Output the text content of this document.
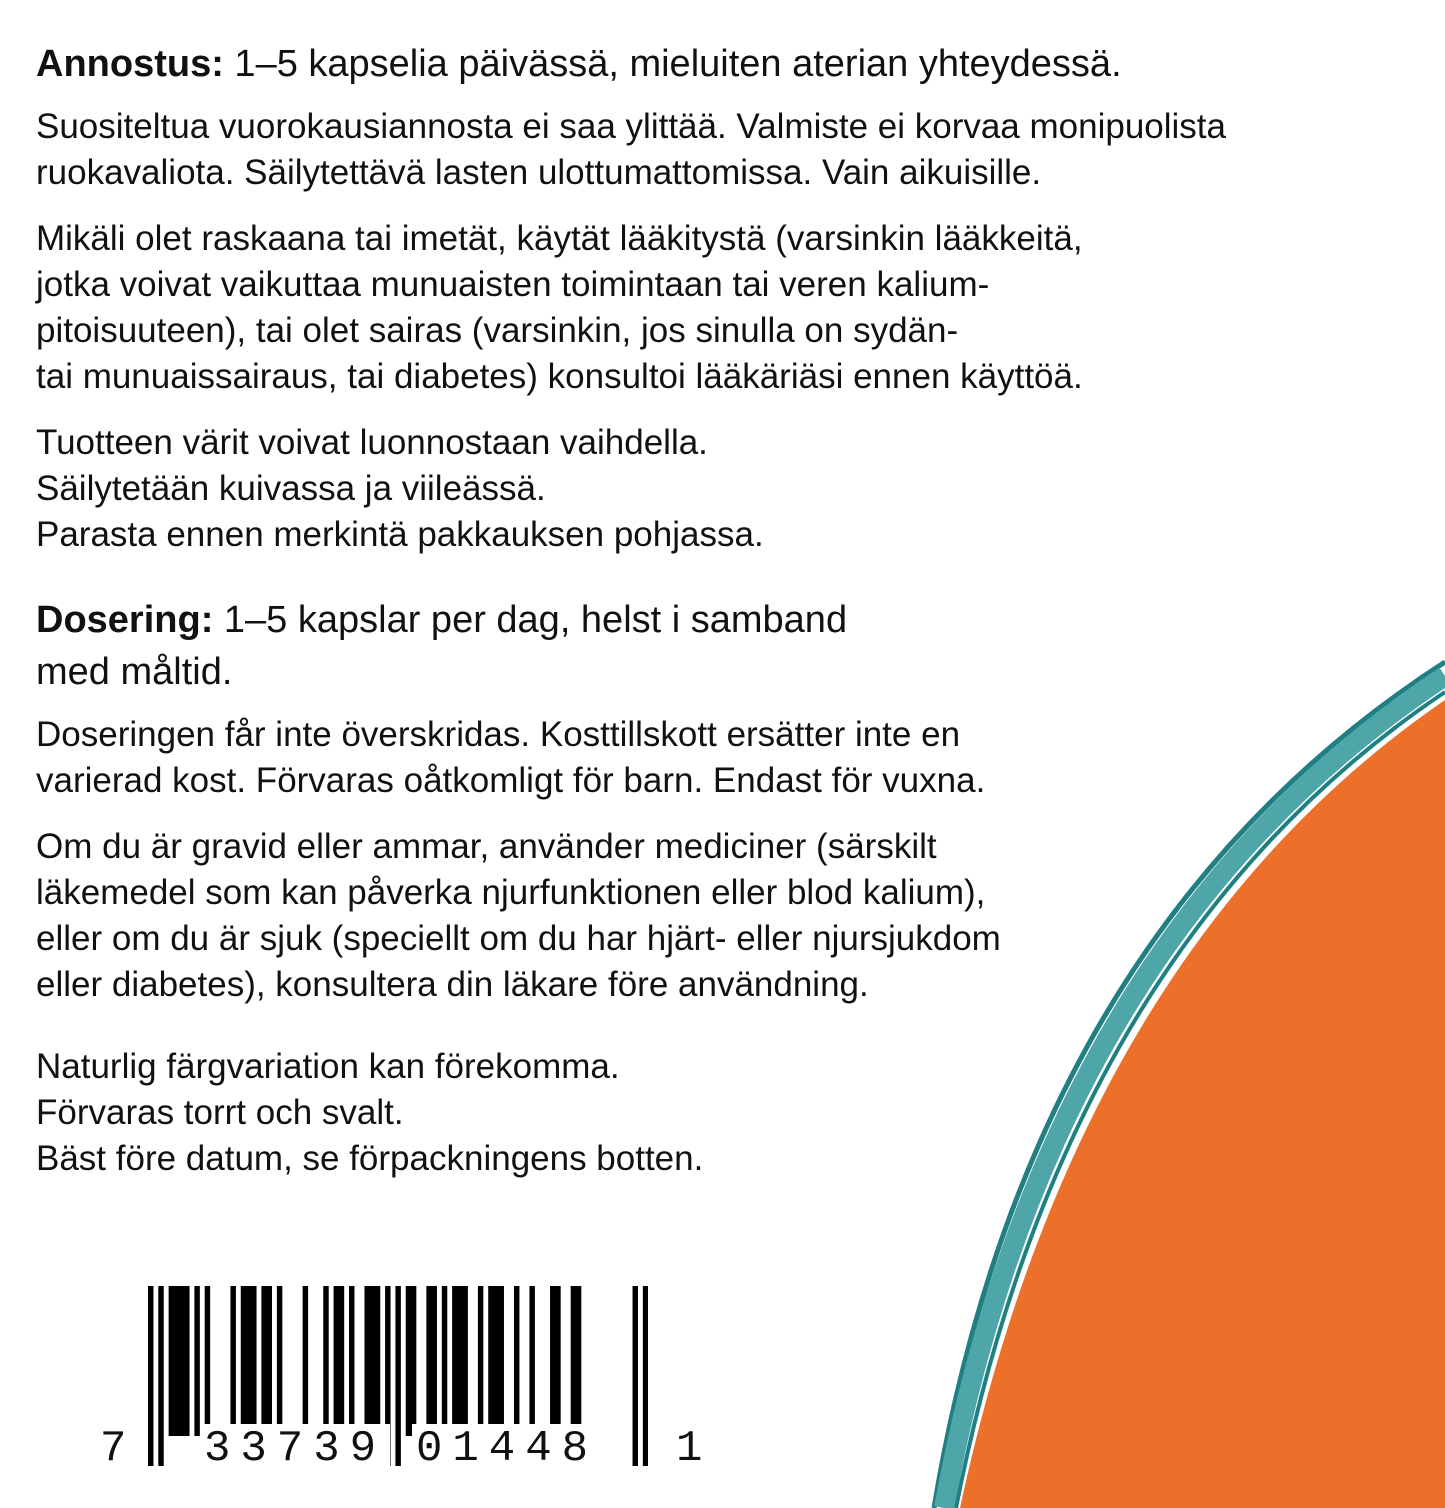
Annostus: 1–5 kapselia päivässä, mieluiten aterian yhteydessä.

Suositeltua vuorokausiannosta ei saa ylittää. Valmiste ei korvaa monipuolista

ruokavaliota. Säilytettävä lasten ulottumattomissa. Vain aikuisille.

Mikäli olet raskaana tai imetät, käytät lääkitystä (varsinkin lääkkeitä,

jotka voivat vaikuttaa munuaisten toimintaan tai veren kalium-

pitoisuuteen), tai olet sairas (varsinkin, jos sinulla on sydän-

tai munuaissairaus, tai diabetes) konsultoi lääkäriäsi ennen käyttöä.

Tuotteen värit voivat luonnostaan vaihdella.

Säilytetään kuivassa ja viileässä.

Parasta ennen merkintä pakkauksen pohjassa.

Dosering: 1–5 kapslar per dag, helst i samband

med måltid.

Doseringen får inte överskridas. Kosttillskott ersätter inte en

varierad kost. Förvaras oåtkomligt för barn. Endast för vuxna.

Om du är gravid eller ammar, använder mediciner (särskilt

läkemedel som kan påverka njurfunktionen eller blod kalium),

eller om du är sjuk (speciellt om du har hjärt- eller njursjukdom

eller diabetes), konsultera din läkare före användning.

Naturlig färgvariation kan förekomma.

Förvaras torrt och svalt.

Bäst före datum, se förpackningens botten.

7 33739 01448 1
